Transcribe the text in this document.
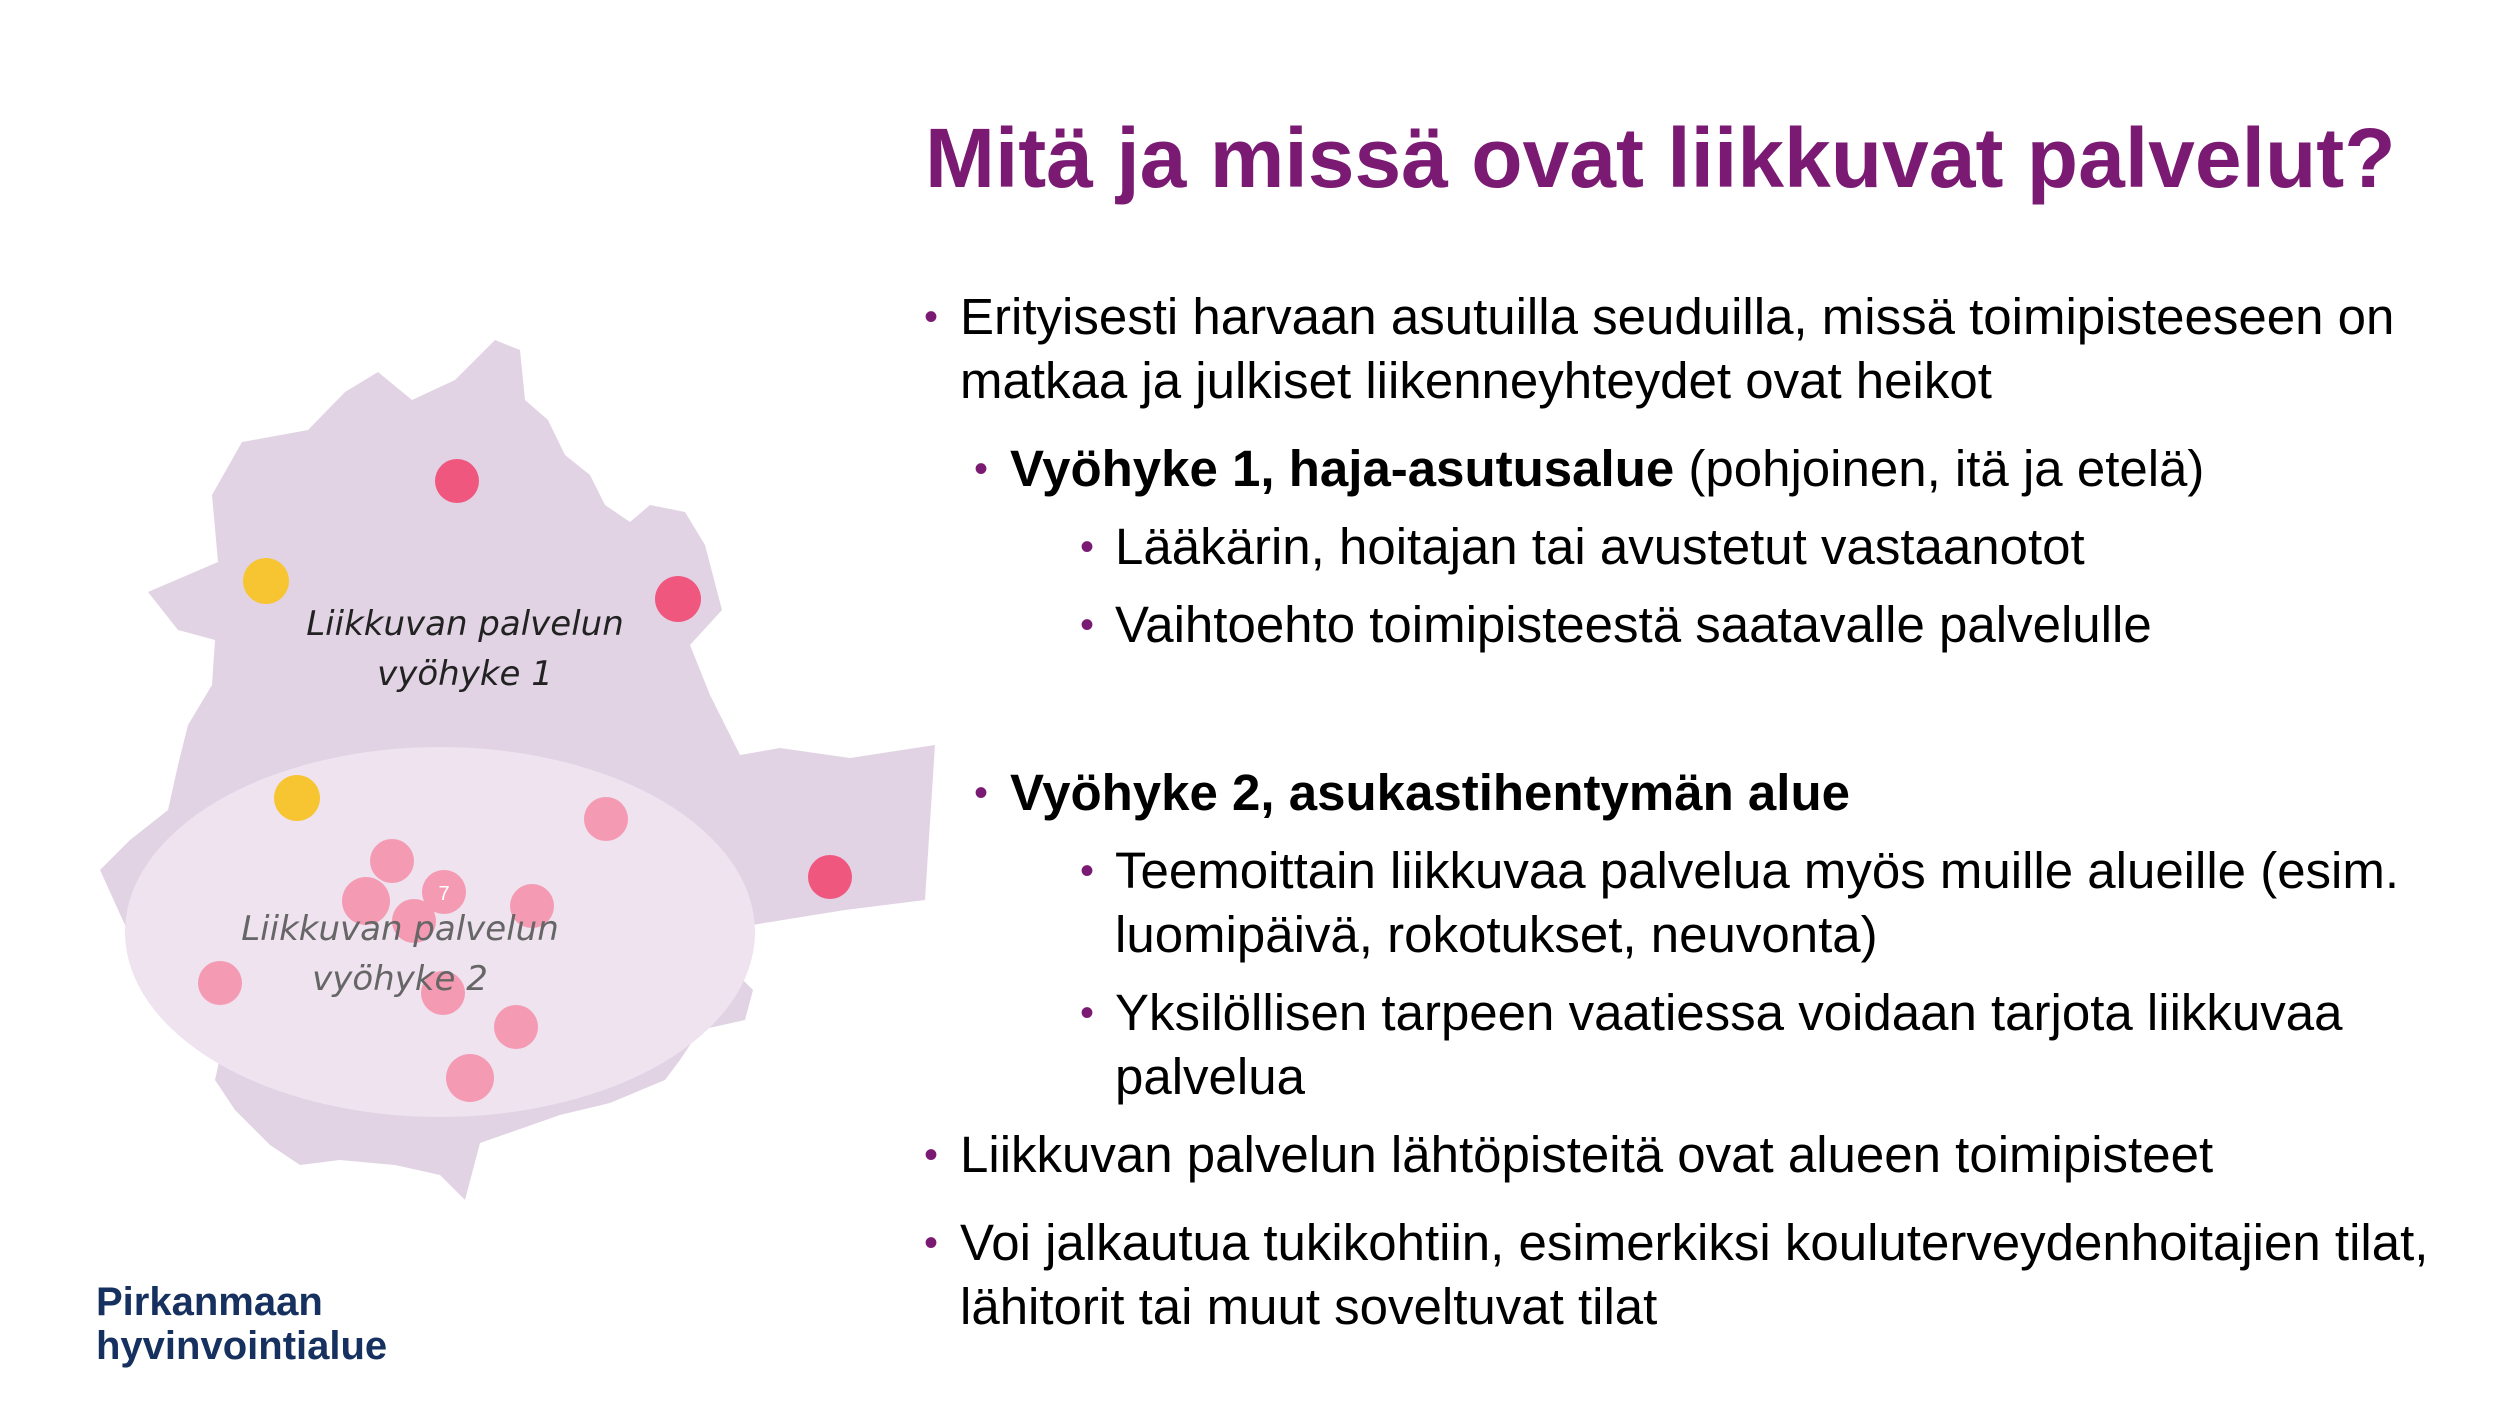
Mitä ja missä ovat liikkuvat palvelut?
• Erityisesti harvaan asutuilla seuduilla, missä toimipisteeseen on matkaa ja julkiset liikenneyhteydet ovat heikot
• Vyöhyke 1, haja-asutusalue (pohjoinen, itä ja etelä)
• Lääkärin, hoitajan tai avustetut vastaanotot
• Vaihtoehto toimipisteestä saatavalle palvelulle
• Vyöhyke 2, asukastihentymän alue
• Teemoittain liikkuvaa palvelua myös muille alueille (esim. luomipäivä, rokotukset, neuvonta)
• Yksilöllisen tarpeen vaatiessa voidaan tarjota liikkuvaa palvelua
• Liikkuvan palvelun lähtöpisteitä ovat alueen toimipisteet
• Voi jalkautua tukikohtiin, esimerkiksi kouluterveydenhoitajien tilat, lähitorit tai muut soveltuvat tilat
7
Liikkuvan palvelun
vyöhyke 1
Liikkuvan palvelun
vyöhyke 2
Pirkanmaan
hyvinvointialue
